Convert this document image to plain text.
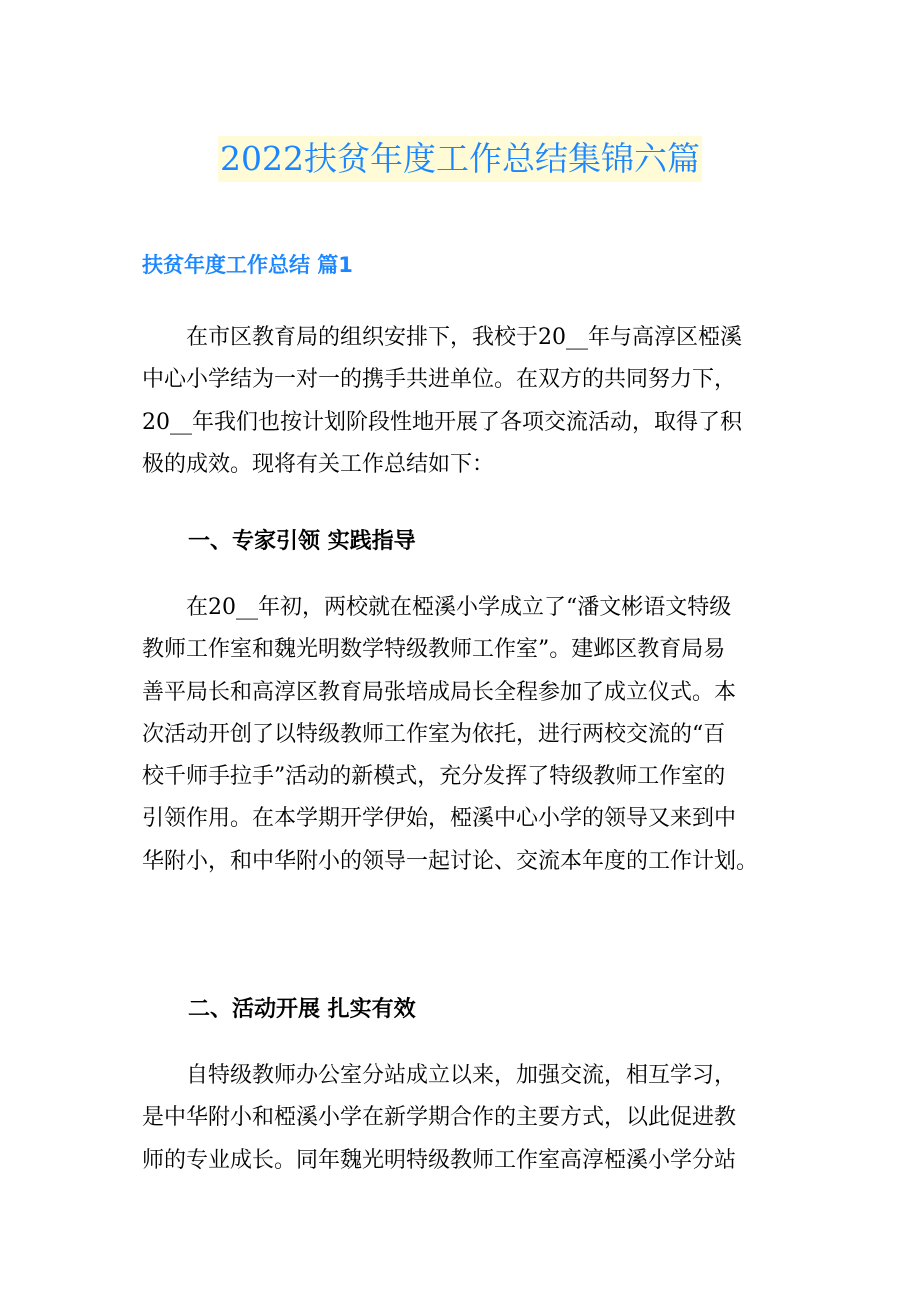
2022扶贫年度工作总结集锦六篇
扶贫年度工作总结 篇1

　　在市区教育局的组织安排下，我校于20__年与高淳区椏溪
中心小学结为一对一的携手共进单位。在双方的共同努力下，
20__年我们也按计划阶段性地开展了各项交流活动，取得了积
极的成效。现将有关工作总结如下：

一、专家引领 实践指导

　　在20__年初，两校就在椏溪小学成立了“潘文彬语文特级
教师工作室和魏光明数学特级教师工作室”。建邺区教育局易
善平局长和高淳区教育局张培成局长全程参加了成立仪式。本
次活动开创了以特级教师工作室为依托，进行两校交流的“百
校千师手拉手”活动的新模式，充分发挥了特级教师工作室的
引领作用。在本学期开学伊始，椏溪中心小学的领导又来到中
华附小，和中华附小的领导一起讨论、交流本年度的工作计划。

二、活动开展 扎实有效

　　自特级教师办公室分站成立以来，加强交流，相互学习，
是中华附小和椏溪小学在新学期合作的主要方式，以此促进教
师的专业成长。同年魏光明特级教师工作室高淳椏溪小学分站
